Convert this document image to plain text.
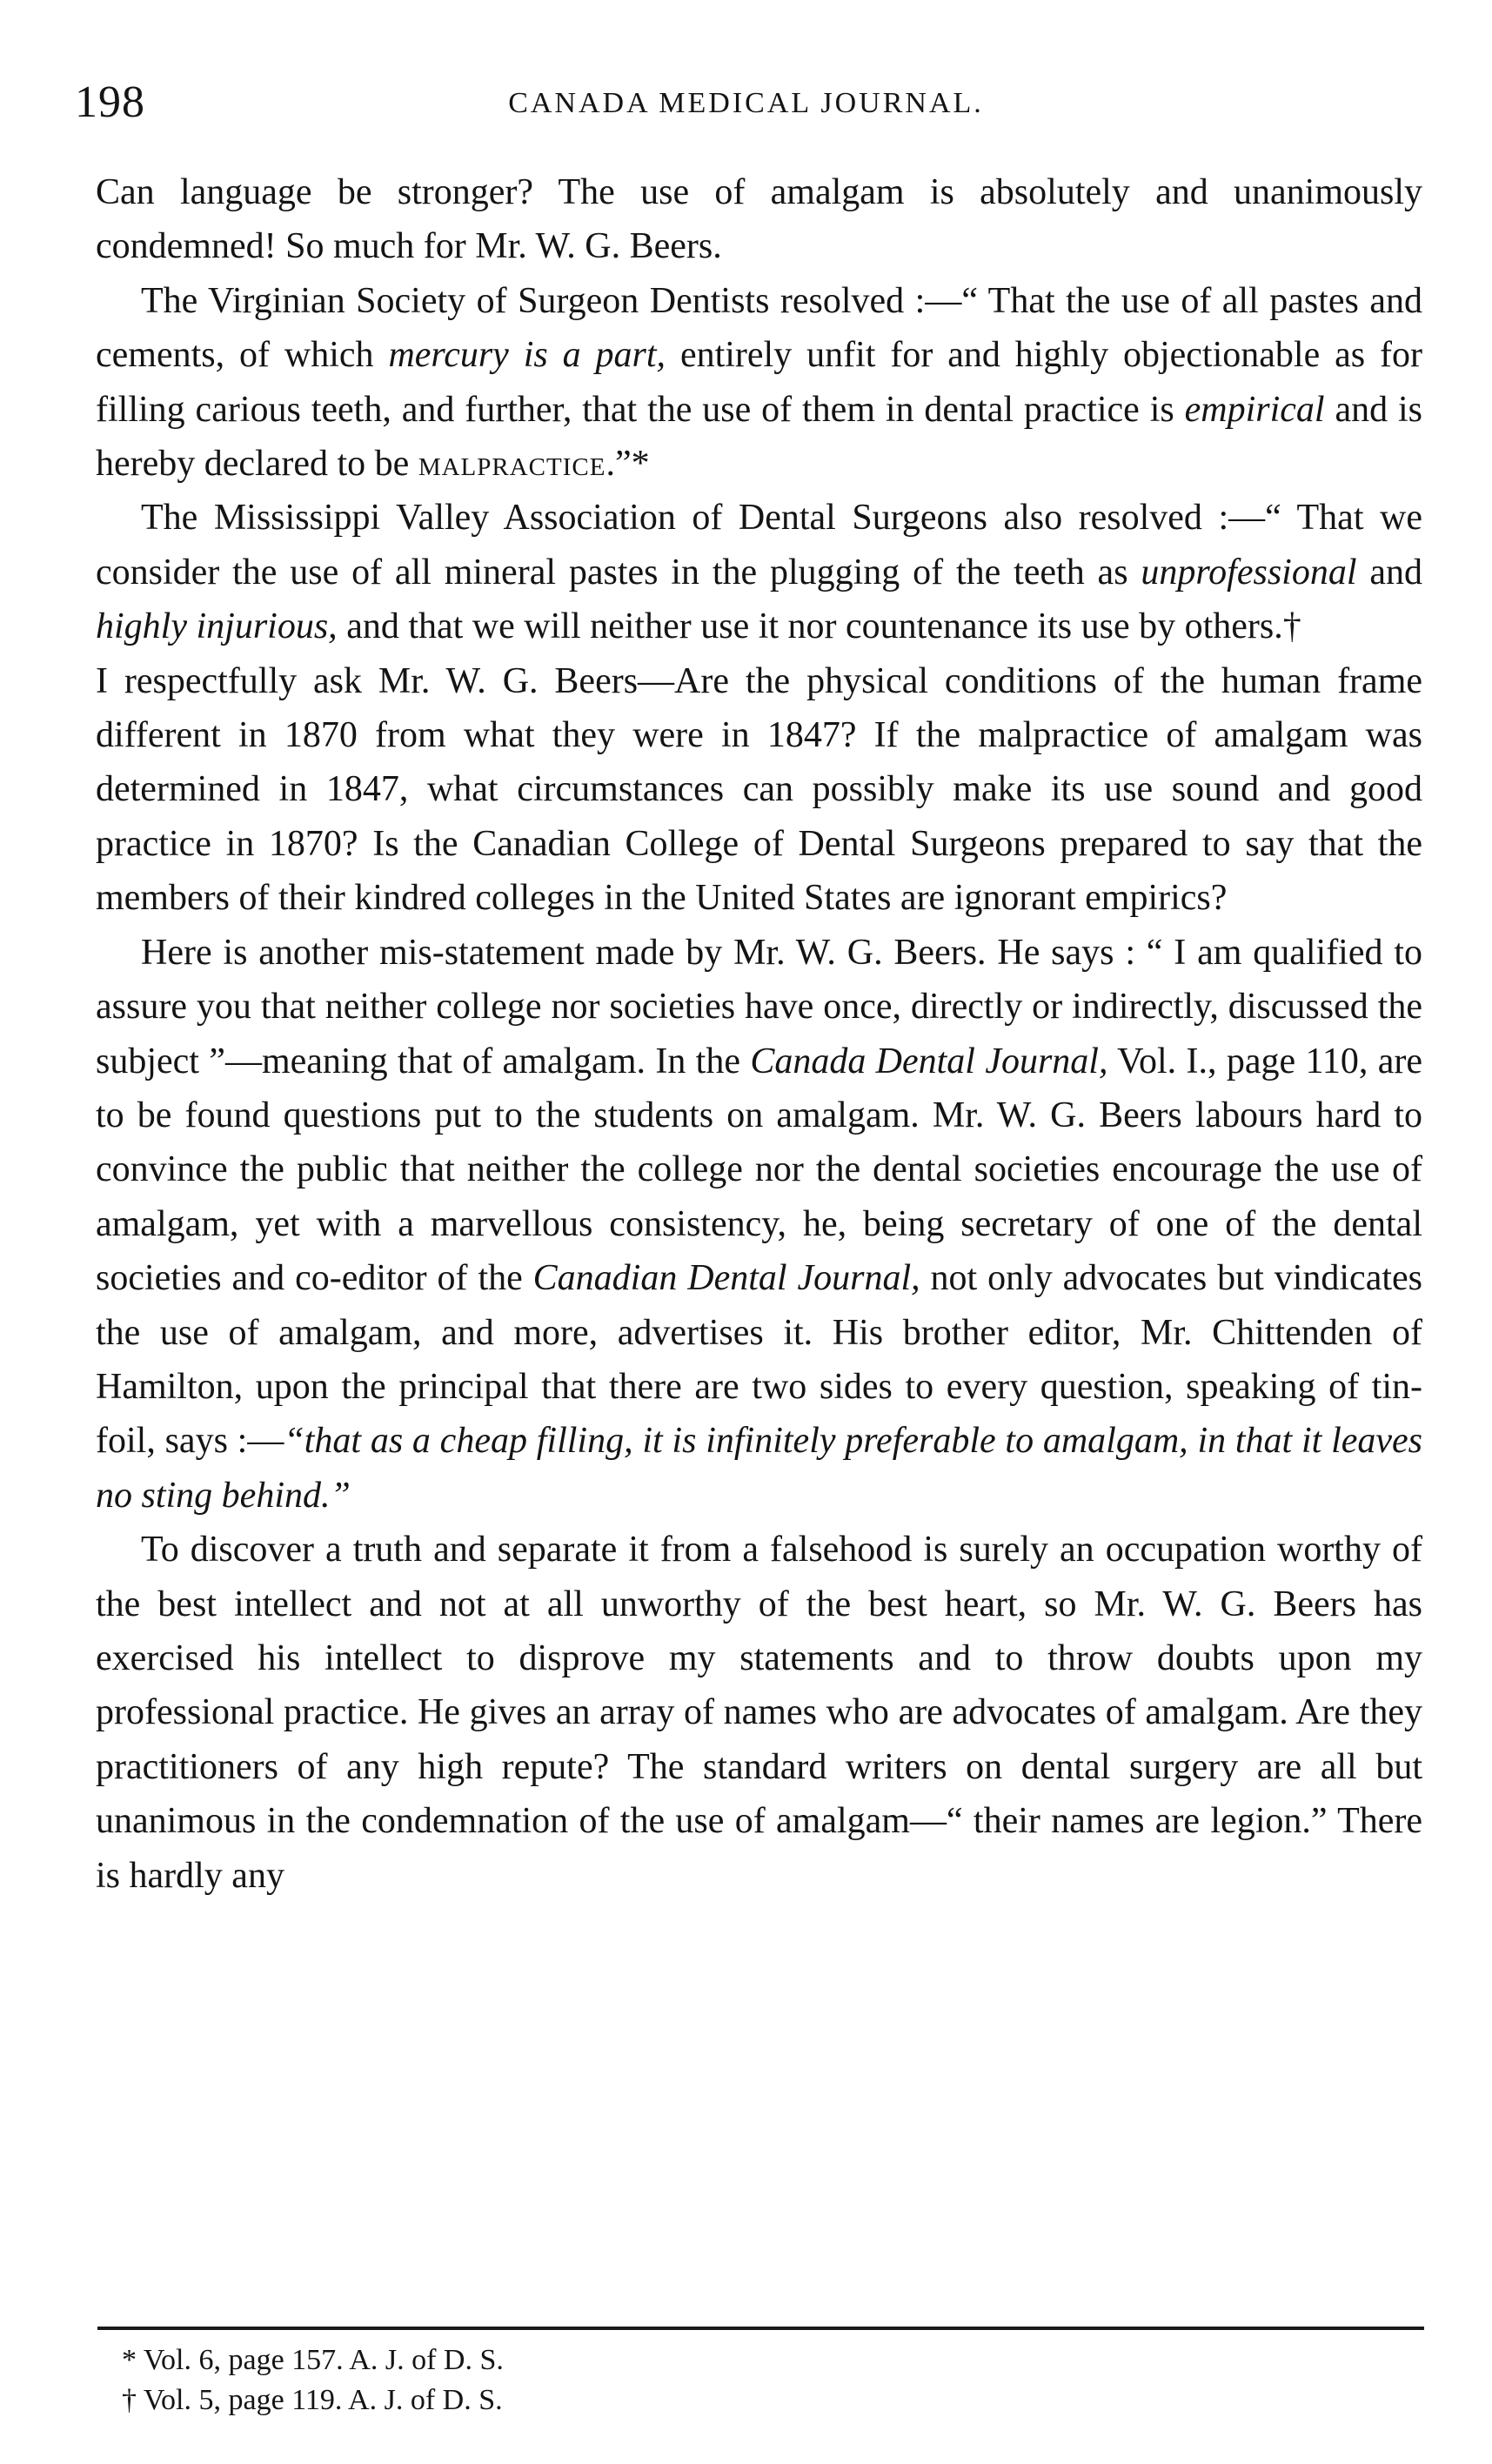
198	CANADA MEDICAL JOURNAL.

Can language be stronger? The use of amalgam is absolutely and unanimously condemned! So much for Mr. W. G. Beers.

The Virginian Society of Surgeon Dentists resolved :—“ That the use of all pastes and cements, of which mercury is a part, entirely unfit for and highly objectionable as for filling carious teeth, and further, that the use of them in dental practice is empirical and is hereby declared to be malpractice.”*

The Mississippi Valley Association of Dental Surgeons also resolved :—“ That we consider the use of all mineral pastes in the plugging of the teeth as unprofessional and highly injurious, and that we will neither use it nor countenance its use by others.†

I respectfully ask Mr. W. G. Beers—Are the physical conditions of the human frame different in 1870 from what they were in 1847? If the malpractice of amalgam was determined in 1847, what circumstances can possibly make its use sound and good practice in 1870? Is the Canadian College of Dental Surgeons prepared to say that the members of their kindred colleges in the United States are ignorant empirics?

Here is another mis-statement made by Mr. W. G. Beers. He says : “ I am qualified to assure you that neither college nor societies have once, directly or indirectly, discussed the subject ”—meaning that of amalgam. In the Canada Dental Journal, Vol. I., page 110, are to be found questions put to the students on amalgam. Mr. W. G. Beers labours hard to convince the public that neither the college nor the dental societies encourage the use of amalgam, yet with a marvellous consistency, he, being secretary of one of the dental societies and co-editor of the Canadian Dental Journal, not only advocates but vindicates the use of amalgam, and more, advertises it. His brother editor, Mr. Chittenden of Hamilton, upon the principal that there are two sides to every question, speaking of tin-foil, says :—“that as a cheap filling, it is infinitely preferable to amalgam, in that it leaves no sting behind.”

To discover a truth and separate it from a falsehood is surely an occupation worthy of the best intellect and not at all unworthy of the best heart, so Mr. W. G. Beers has exercised his intellect to disprove my statements and to throw doubts upon my professional practice. He gives an array of names who are advocates of amalgam. Are they practitioners of any high repute? The standard writers on dental surgery are all but unanimous in the condemnation of the use of amalgam—“ their names are legion.” There is hardly any

* Vol. 6, page 157. A. J. of D. S.
† Vol. 5, page 119. A. J. of D. S.
